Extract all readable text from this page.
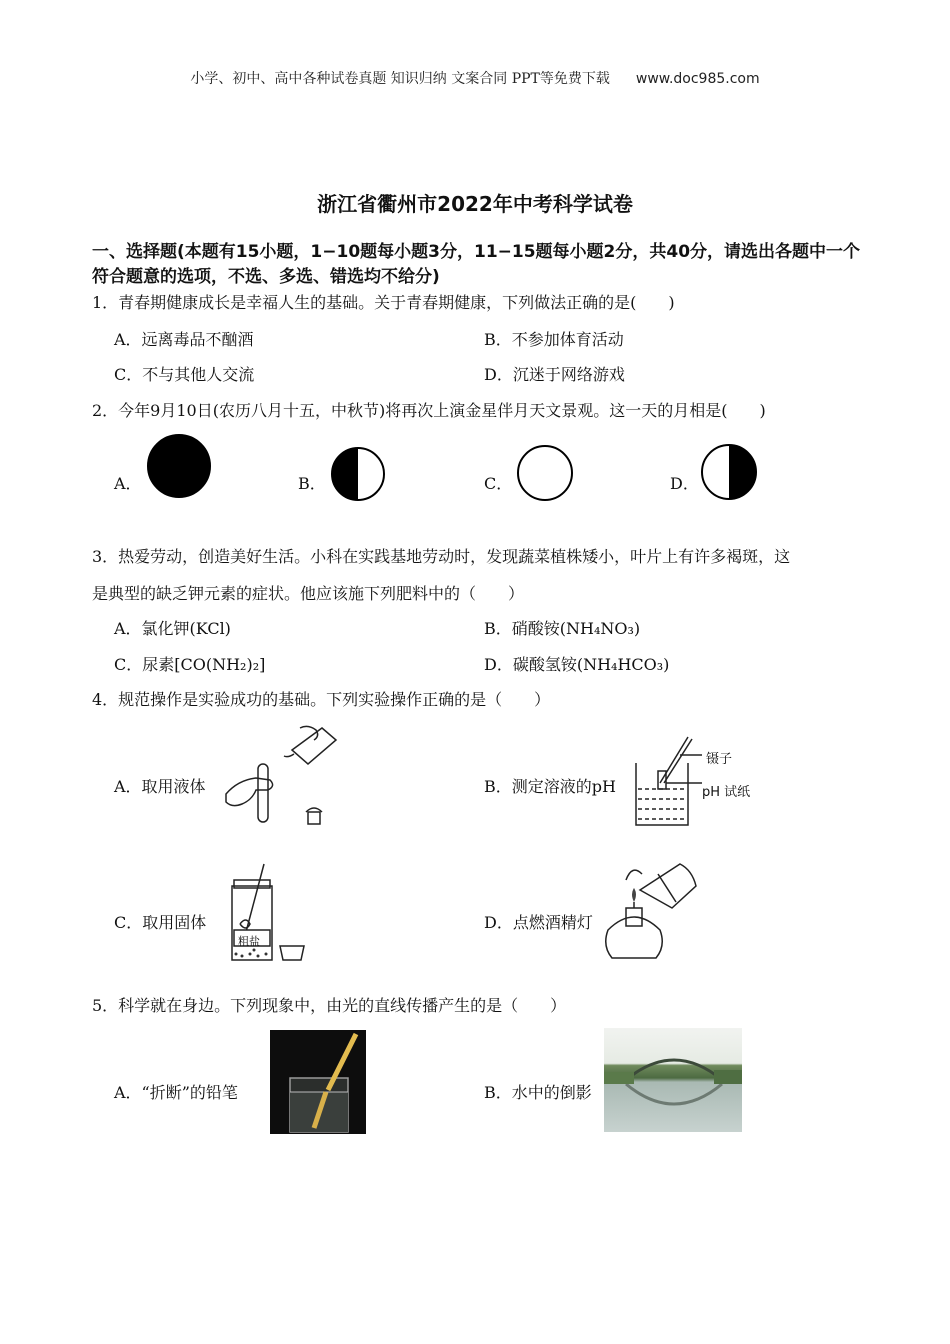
小学、初中、高中各种试卷真题 知识归纳 文案合同 PPT等免费下载 www.doc985.com
浙江省衢州市2022年中考科学试卷
一、选择题(本题有15小题，1−10题每小题3分，11−15题每小题2分，共40分，请选出各题中一个符合题意的选项，不选、多选、错选均不给分)
1．青春期健康成长是幸福人生的基础。关于青春期健康，下列做法正确的是(　　)
A．远离毒品不酗酒	B．不参加体育活动
C．不与其他人交流	D．沉迷于网络游戏
2．今年9月10日(农历八月十五，中秋节)将再次上演金星伴月天文景观。这一天的月相是(　　)
A．	B．	C．	D．
3．热爱劳动，创造美好生活。小科在实践基地劳动时，发现蔬菜植株矮小，叶片上有许多褐斑，这
是典型的缺乏钾元素的症状。他应该施下列肥料中的（　　）
A．氯化钾(KCl)	B．硝酸铵(NH₄NO₃)
C．尿素[CO(NH₂)₂]	D．碳酸氢铵(NH₄HCO₃)
4．规范操作是实验成功的基础。下列实验操作正确的是（　　）
A．取用液体	B．测定溶液的pH
镊子
pH 试纸
C．取用固体
粗盐
D．点燃酒精灯
5．科学就在身边。下列现象中，由光的直线传播产生的是（　　）
A．“折断”的铅笔	B．水中的倒影
